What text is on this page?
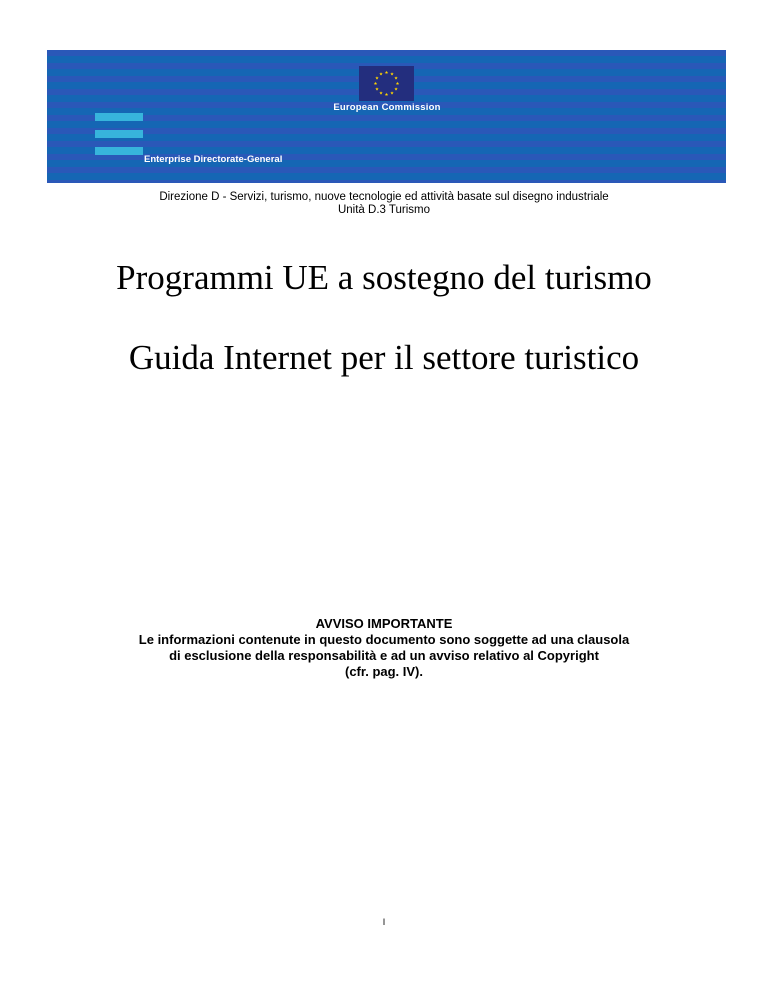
European Commission
Enterprise Directorate-General
Direzione D - Servizi, turismo, nuove tecnologie ed attività basate sul disegno industriale
Unità D.3 Turismo
Programmi UE a sostegno del turismo
Guida Internet per il settore turistico
AVVISO IMPORTANTE
Le informazioni contenute in questo documento sono soggette ad una clausola
di esclusione della responsabilità e ad un avviso relativo al Copyright
(cfr. pag. IV).
I
